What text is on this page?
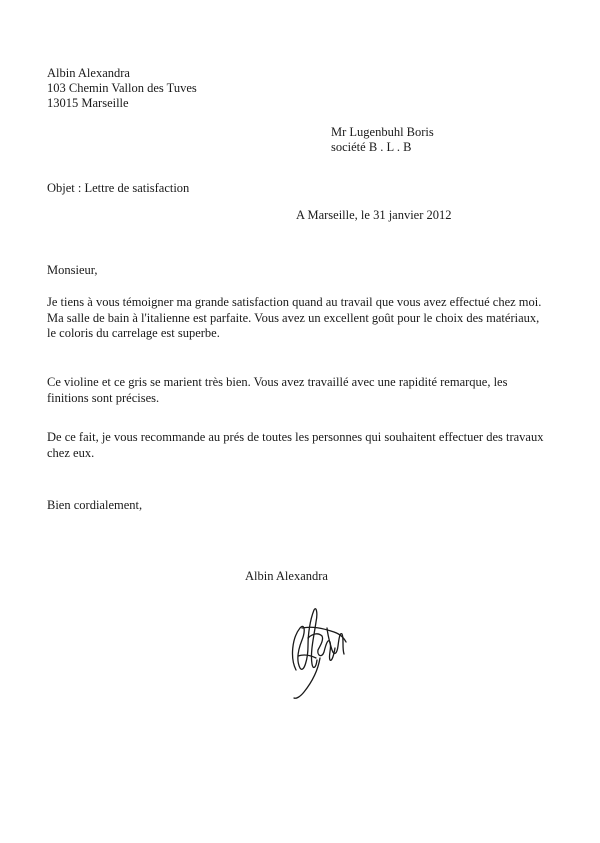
Albin Alexandra
103 Chemin Vallon des Tuves
13015 Marseille
Mr Lugenbuhl Boris
société B . L . B
Objet : Lettre de satisfaction
A Marseille, le 31 janvier 2012
Monsieur,
Je tiens à vous témoigner ma grande satisfaction quand au travail que vous avez effectué chez moi.
Ma salle de bain à l'italienne est parfaite. Vous avez un excellent goût pour le choix des matériaux,
le coloris du carrelage est superbe.
Ce violine et ce gris se marient très bien. Vous avez travaillé avec une rapidité remarque, les
finitions sont précises.
De ce fait, je vous recommande au prés de toutes les personnes qui souhaitent effectuer des travaux
chez eux.
Bien cordialement,
Albin Alexandra
